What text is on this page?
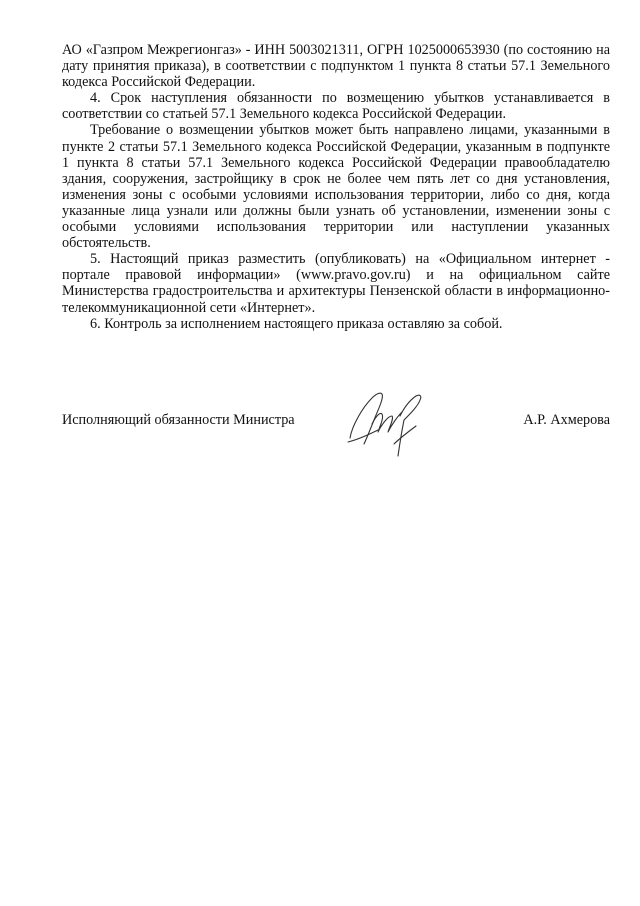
АО «Газпром Межрегионгаз» - ИНН 5003021311, ОГРН 1025000653930 (по состоянию на дату принятия приказа), в соответствии с подпунктом 1 пункта 8 статьи 57.1 Земельного кодекса Российской Федерации.

4. Срок наступления обязанности по возмещению убытков устанавливается в соответствии со статьей 57.1 Земельного кодекса Российской Федерации.

Требование о возмещении убытков может быть направлено лицами, указанными в пункте 2 статьи 57.1 Земельного кодекса Российской Федерации, указанным в подпункте 1 пункта 8 статьи 57.1 Земельного кодекса Российской Федерации правообладателю здания, сооружения, застройщику в срок не более чем пять лет со дня установления, изменения зоны с особыми условиями использования территории, либо со дня, когда указанные лица узнали или должны были узнать об установлении, изменении зоны с особыми условиями использования территории или наступлении указанных обстоятельств.

5. Настоящий приказ разместить (опубликовать) на «Официальном интернет - портале правовой информации» (www.pravo.gov.ru) и на официальном сайте Министерства градостроительства и архитектуры Пензенской области в информационно-телекоммуникационной сети «Интернет».

6. Контроль за исполнением настоящего приказа оставляю за собой.

Исполняющий обязанности Министра	А.Р. Ахмерова
